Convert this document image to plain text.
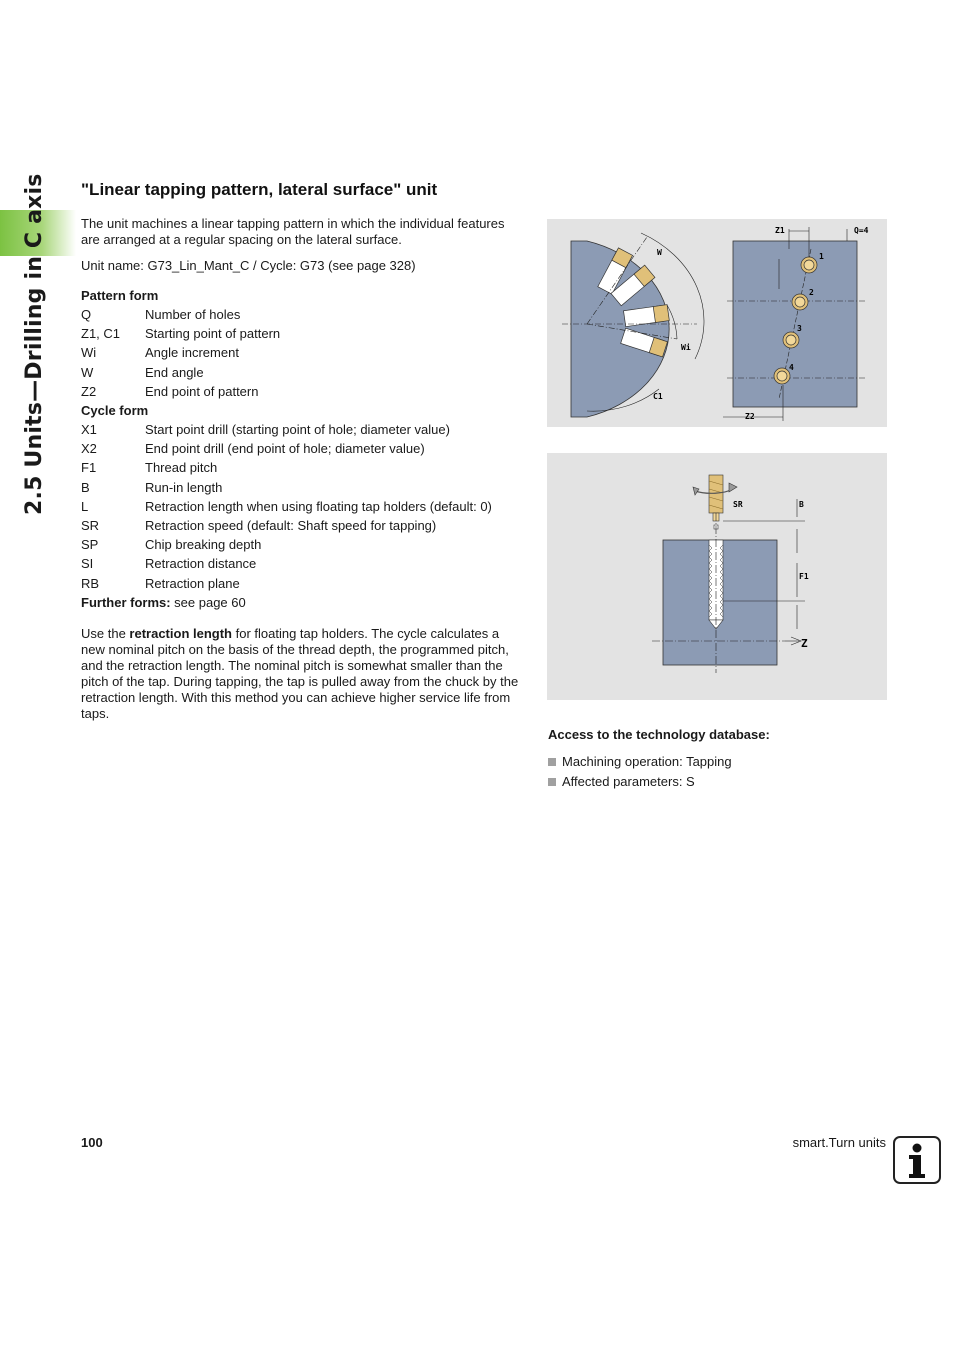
2.5 Units—Drilling in C axis "Linear tapping pattern, lateral surface" unit

The unit machines a linear tapping pattern in which the individual features are arranged at a regular spacing on the lateral surface.

Unit name: G73_Lin_Mant_C / Cycle: G73 (see page 328)

Pattern form
Q	Number of holes
Z1, C1	Starting point of pattern
Wi	Angle increment
W	End angle
Z2	End point of pattern
Cycle form
X1	Start point drill (starting point of hole; diameter value)
X2	End point drill (end point of hole; diameter value)
F1	Thread pitch
B	Run-in length
L	Retraction length when using floating tap holders (default: 0)
SR	Retraction speed (default: Shaft speed for tapping)
SP	Chip breaking depth
SI	Retraction distance
RB	Retraction plane

Further forms: see page 60

Use the retraction length for floating tap holders. The cycle calculates a new nominal pitch on the basis of the thread depth, the programmed pitch, and the retraction length. The nominal pitch is somewhat smaller than the pitch of the tap. During tapping, the tap is pulled away from the chuck by the retraction length. With this method you can achieve higher service life from taps.

W
Wi
C1
Z1
Z2
Q=4
1
2
3
4
SR	B
F1
Z

Access to the technology database:

Machining operation: Tapping
Affected parameters: S
100	smart.Turn units
